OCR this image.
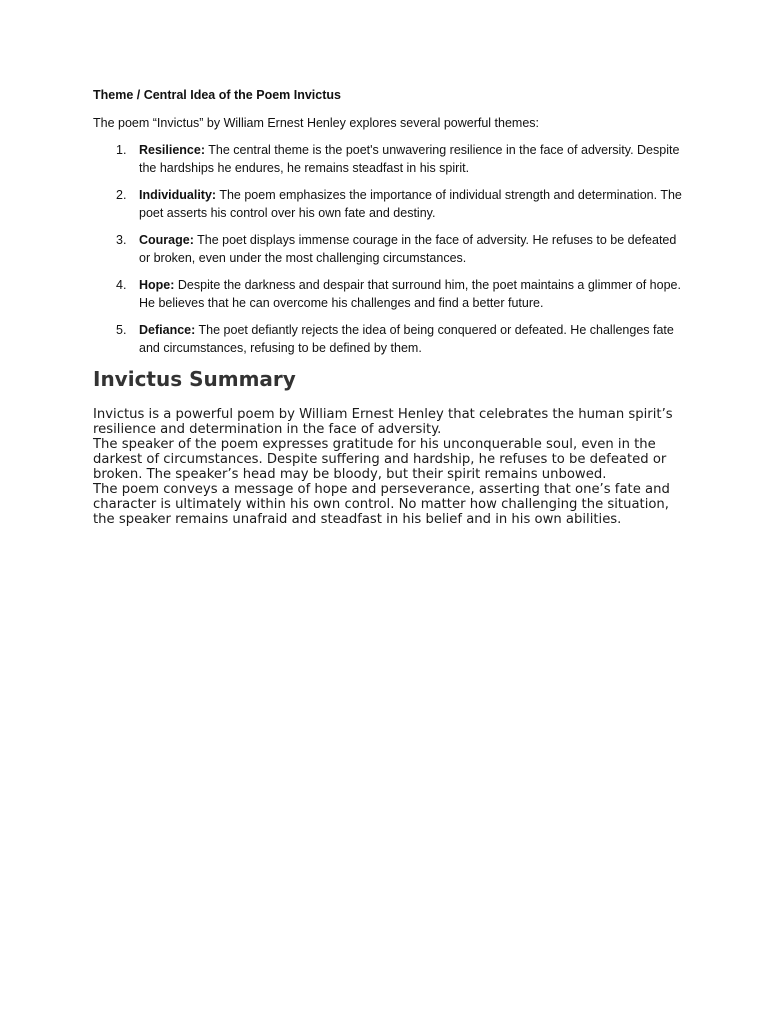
Theme / Central Idea of the Poem Invictus

The poem “Invictus” by William Ernest Henley explores several powerful themes:

1. Resilience: The central theme is the poet's unwavering resilience in the face of adversity. Despite the hardships he endures, he remains steadfast in his spirit.
2. Individuality: The poem emphasizes the importance of individual strength and determination. The poet asserts his control over his own fate and destiny.
3. Courage: The poet displays immense courage in the face of adversity. He refuses to be defeated or broken, even under the most challenging circumstances.
4. Hope: Despite the darkness and despair that surround him, the poet maintains a glimmer of hope. He believes that he can overcome his challenges and find a better future.
5. Defiance: The poet defiantly rejects the idea of being conquered or defeated. He challenges fate and circumstances, refusing to be defined by them.
Invictus Summary

Invictus is a powerful poem by William Ernest Henley that celebrates the human spirit’s resilience and determination in the face of adversity.

The speaker of the poem expresses gratitude for his unconquerable soul, even in the darkest of circumstances. Despite suffering and hardship, he refuses to be defeated or broken. The speaker’s head may be bloody, but their spirit remains unbowed.

The poem conveys a message of hope and perseverance, asserting that one’s fate and character is ultimately within his own control. No matter how challenging the situation, the speaker remains unafraid and steadfast in his belief and in his own abilities.
